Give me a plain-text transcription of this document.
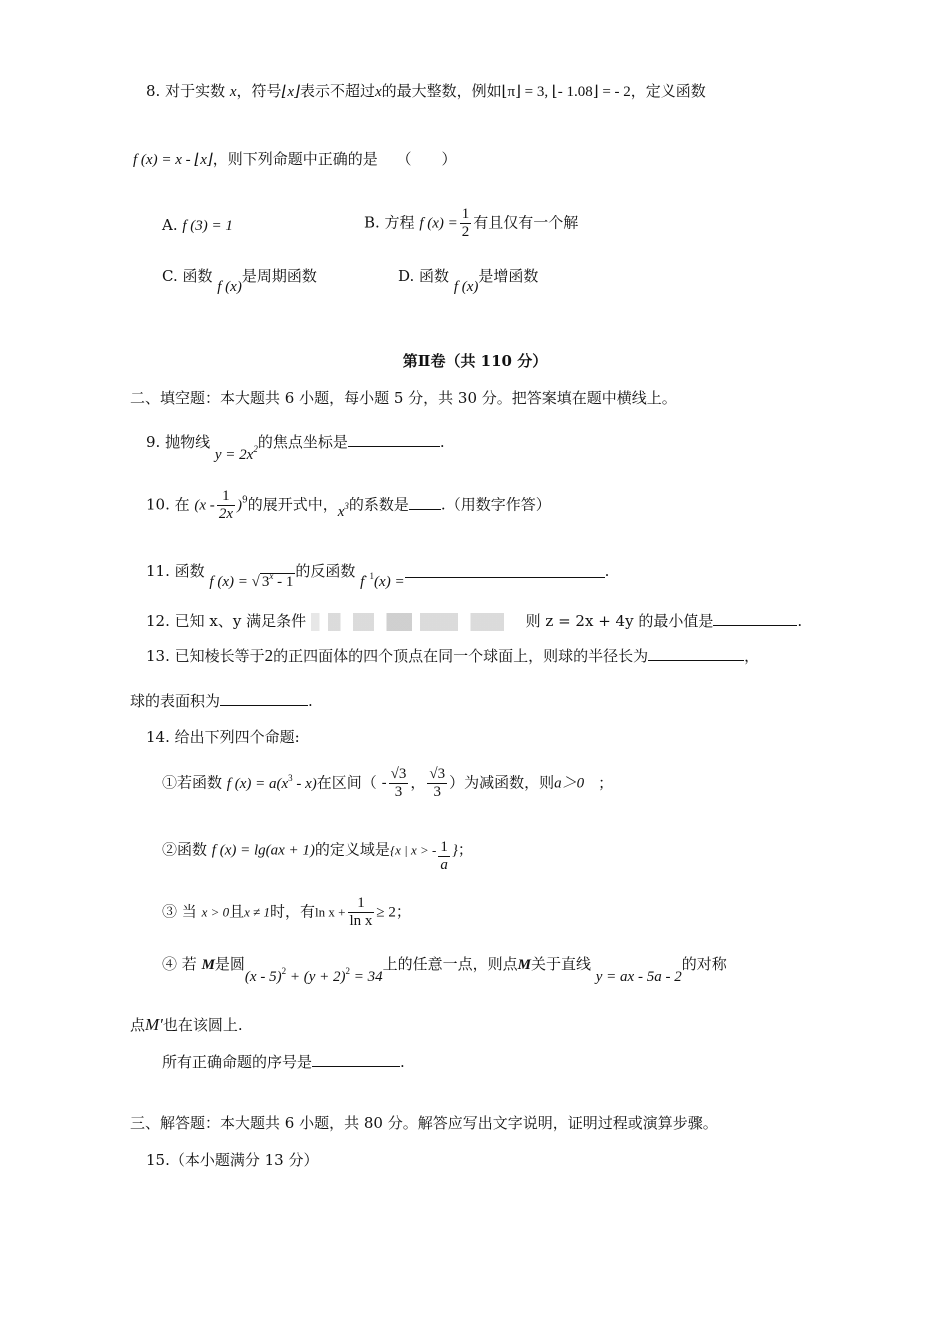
8. 对于实数 x，符号⌊x⌋表示不超过x的最大整数，例如⌊π⌋ = 3, ⌊- 1.08⌋ = - 2，定义函数
f (x) = x - ⌊x⌋，则下列命题中正确的是 （　　）
A. f (3) = 1	B. 方程 f $(x) = \frac{1}{2}$ 有且仅有一个解
C. 函数 f (x)是周期函数	D. 函数 f (x)是增函数
第Ⅱ卷（共 110 分）
二、填空题：本大题共 6 小题，每小题 5 分，共 30 分。把答案填在题中横线上。
9. 抛物线 $y = 2x^2$的焦点坐标是	.
10. 在 $(x - \frac{1}{2x} )^9$的展开式中，$x^3$的系数是 .（用数字作答）
11. 函数 f (x) = √ 3$^x$ - 1的反函数 $f^{- 1}(x)$ =.
12. 已知 x、y 满足条件	则 z = 2x + 4y 的最小值是	.
13. 已知棱长等于2的正四面体的四个顶点在同一个球面上，则球的半径长为	，
球的表面积为	.
14. 给出下列四个命题:
①若函数 f $(x) = a(x^3 - x)$在区间（ - $\frac{√3}{3}$ ， $\frac{√3}{3}$ ）为减函数，则a＞0 ；
②函数 f (x) = lg(ax + 1)的定义域是{x | x > - $\frac{1}{a}$ }；
③ 当 x > 0且x ≠ 1时，有$\ln x + \frac{1}{\text{ln x}} \ge 2$；
④ 若 M是圆$(x - 5)^2 + (y + 2)^2 = 34$上的任意一点，则点M关于直线 y = ax - 5a - 2的对称
点M′也在该圆上.
所有正确命题的序号是	.
三、解答题：本大题共 6 小题，共 80 分。解答应写出文字说明，证明过程或演算步骤。
15.（本小题满分 13 分）
